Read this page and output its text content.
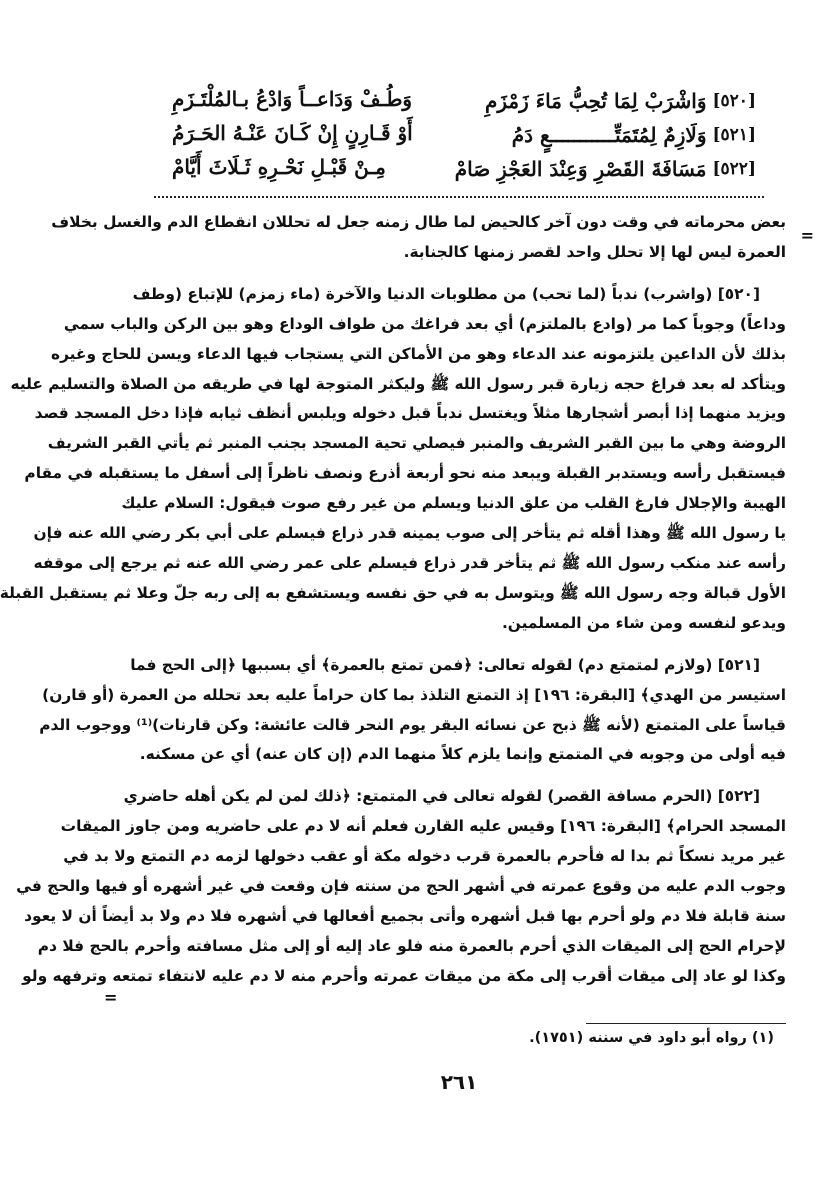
[٥٢٠]
وَاشْرَبْ لِمَا تُحِبُّ مَاءَ زَمْزَمِ
وَطُـفْ وَدَاعــاً وَادْعُ بـالمُلْتَـزَمِ
[٥٢١]
وَلَازِمٌ لِمُتَمَتِّـــــــــــعٍ دَمُ
أَوْ قَـارِنٍ إِنْ كَـانَ عَنْـهُ الحَـرَمُ
[٥٢٢]
مَسَافَةَ القَصْرِ وَعِنْدَ العَجْزِ صَامْ
مِـنْ قَبْـلِ نَحْـرِهِ ثَـلَاثَ أَيَّامْ
=
بعض محرماته في وقت دون آخر كالحيض لما طال زمنه جعل له تحللان انقطاع الدم والغسل بخلاف
العمرة ليس لها إلا تحلل واحد لقصر زمنها كالجنابة.
[٥٢٠] (واشرب) ندباً (لما تحب) من مطلوبات الدنيا والآخرة (ماء زمزم) للإتباع (وطف
وداعاً) وجوباً كما مر (وادع بالملتزم) أي بعد فراغك من طواف الوداع وهو بين الركن والباب سمي
بذلك لأن الداعين يلتزمونه عند الدعاء وهو من الأماكن التي يستجاب فيها الدعاء ويسن للحاج وغيره
ويتأكد له بعد فراغ حجه زيارة قبر رسول الله ﷺ وليكثر المتوجة لها في طريقه من الصلاة والتسليم عليه
ويزيد منهما إذا أبصر أشجارها مثلاً ويغتسل ندباً قبل دخوله ويلبس أنظف ثيابه فإذا دخل المسجد قصد
الروضة وهي ما بين القبر الشريف والمنبر فيصلي تحية المسجد بجنب المنبر ثم يأتي القبر الشريف
فيستقبل رأسه ويستدبر القبلة ويبعد منه نحو أربعة أذرع ونصف ناظراً إلى أسفل ما يستقبله في مقام
الهيبة والإجلال فارغ القلب من علق الدنيا ويسلم من غير رفع صوت فيقول: السلام عليك
يا رسول الله ﷺ وهذا أقله ثم يتأخر إلى صوب يمينه قدر ذراع فيسلم على أبي بكر رضي الله عنه فإن
رأسه عند منكب رسول الله ﷺ ثم يتأخر قدر ذراع فيسلم على عمر رضي الله عنه ثم يرجع إلى موقفه
الأول قبالة وجه رسول الله ﷺ ويتوسل به في حق نفسه ويستشفع به إلى ربه جلّ وعلا ثم يستقبل القبلة
ويدعو لنفسه ومن شاء من المسلمين.
[٥٢١] (ولازم لمتمتع دم) لقوله تعالى: ﴿فمن تمتع بالعمرة﴾ أي بسببها ﴿إلى الحج فما
استيسر من الهدي﴾ [البقرة: ١٩٦] إذ التمتع التلذذ بما كان حراماً عليه بعد تحلله من العمرة (أو قارن)
قياساً على المتمتع (لأنه ﷺ ذبح عن نسائه البقر يوم النحر قالت عائشة: وكن قارنات)⁽¹⁾ ووجوب الدم
فيه أولى من وجوبه في المتمتع وإنما يلزم كلاً منهما الدم (إن كان عنه) أي عن مسكنه.
[٥٢٢] (الحرم مسافة القصر) لقوله تعالى في المتمتع: ﴿ذلك لمن لم يكن أهله حاضري
المسجد الحرام﴾ [البقرة: ١٩٦] وقيس عليه القارن فعلم أنه لا دم على حاضريه ومن جاوز الميقات
غير مريد نسكاً ثم بدا له فأحرم بالعمرة قرب دخوله مكة أو عقب دخولها لزمه دم التمتع ولا بد في
وجوب الدم عليه من وقوع عمرته في أشهر الحج من سنته فإن وقعت في غير أشهره أو فيها والحج في
سنة قابلة فلا دم ولو أحرم بها قبل أشهره وأتى بجميع أفعالها في أشهره فلا دم ولا بد أيضاً أن لا يعود
لإحرام الحج إلى الميقات الذي أحرم بالعمرة منه فلو عاد إليه أو إلى مثل مسافته وأحرم بالحج فلا دم
وكذا لو عاد إلى ميقات أقرب إلى مكة من ميقات عمرته وأحرم منه لا دم عليه لانتفاء تمتعه وترفهه ولو
=
(١) رواه أبو داود في سننه (١٧٥١).
٢٦١
